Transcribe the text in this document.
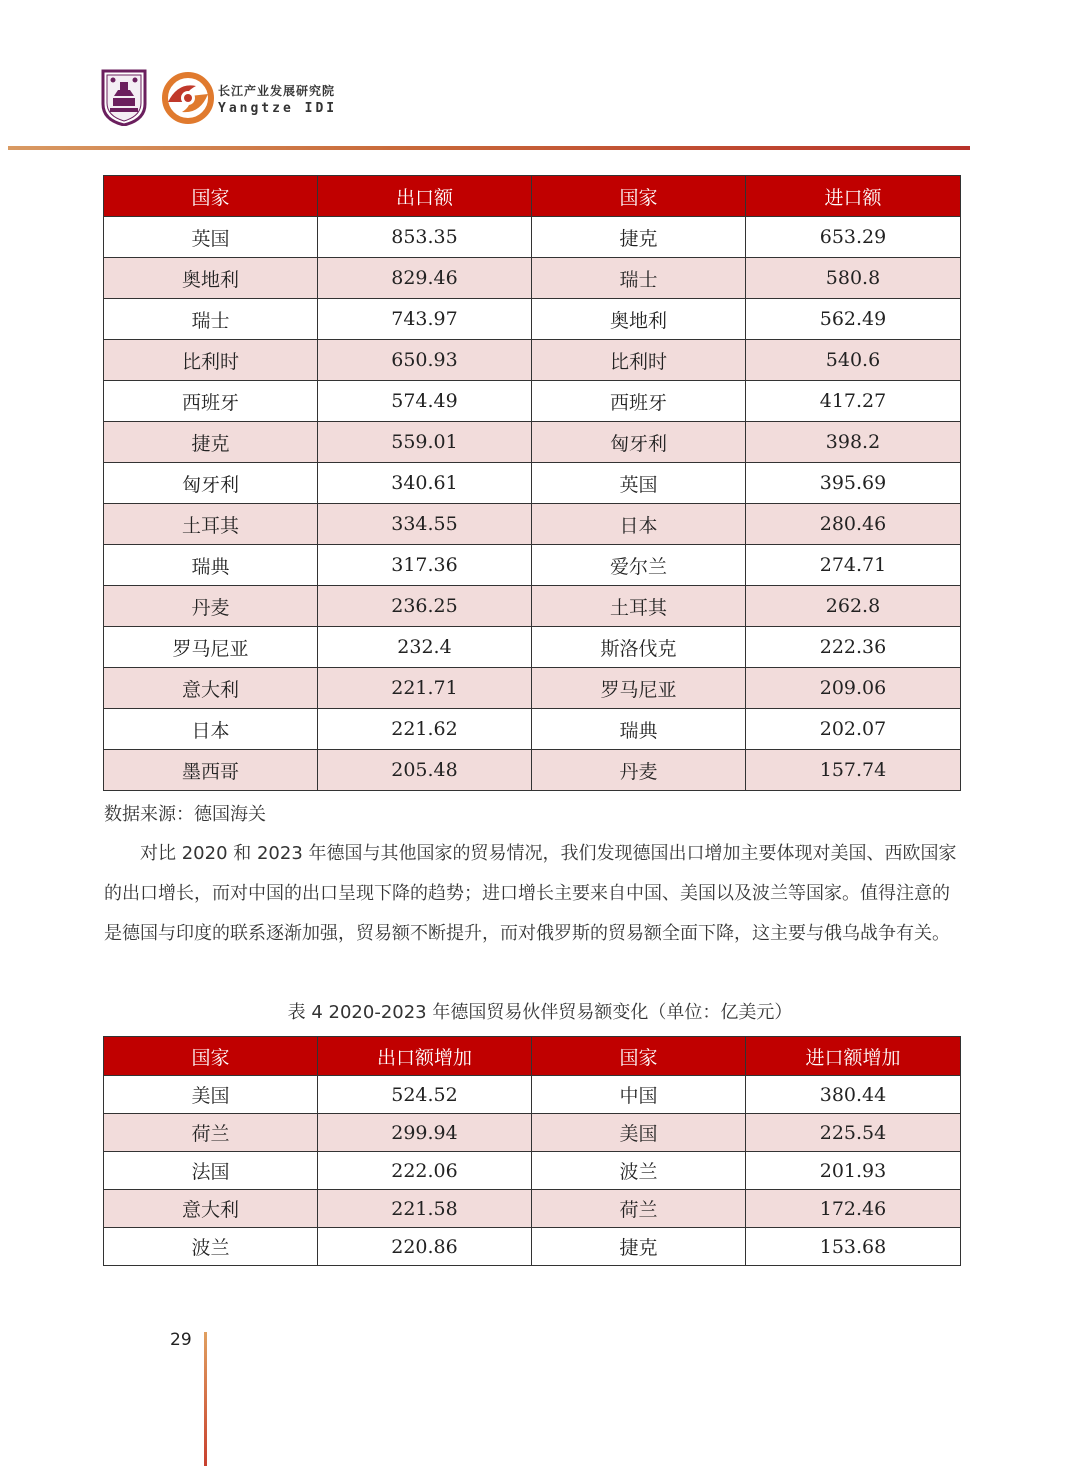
长江产业发展研究院
Yangtze IDI
国家	出口额	国家	进口额
英国	853.35	捷克	653.29
奥地利	829.46	瑞士	580.8
瑞士	743.97	奥地利	562.49
比利时	650.93	比利时	540.6
西班牙	574.49	西班牙	417.27
捷克	559.01	匈牙利	398.2
匈牙利	340.61	英国	395.69
土耳其	334.55	日本	280.46
瑞典	317.36	爱尔兰	274.71
丹麦	236.25	土耳其	262.8
罗马尼亚	232.4	斯洛伐克	222.36
意大利	221.71	罗马尼亚	209.06
日本	221.62	瑞典	202.07
墨西哥	205.48	丹麦	157.74
数据来源：德国海关
对比 2020 和 2023 年德国与其他国家的贸易情况，我们发现德国出口增加主要体现对美国、西欧国家的出口增长，而对中国的出口呈现下降的趋势；进口增长主要来自中国、美国以及波兰等国家。值得注意的是德国与印度的联系逐渐加强，贸易额不断提升，而对俄罗斯的贸易额全面下降，这主要与俄乌战争有关。
表 4 2020-2023 年德国贸易伙伴贸易额变化（单位：亿美元）
国家	出口额增加	国家	进口额增加
美国	524.52	中国	380.44
荷兰	299.94	美国	225.54
法国	222.06	波兰	201.93
意大利	221.58	荷兰	172.46
波兰	220.86	捷克	153.68
29
